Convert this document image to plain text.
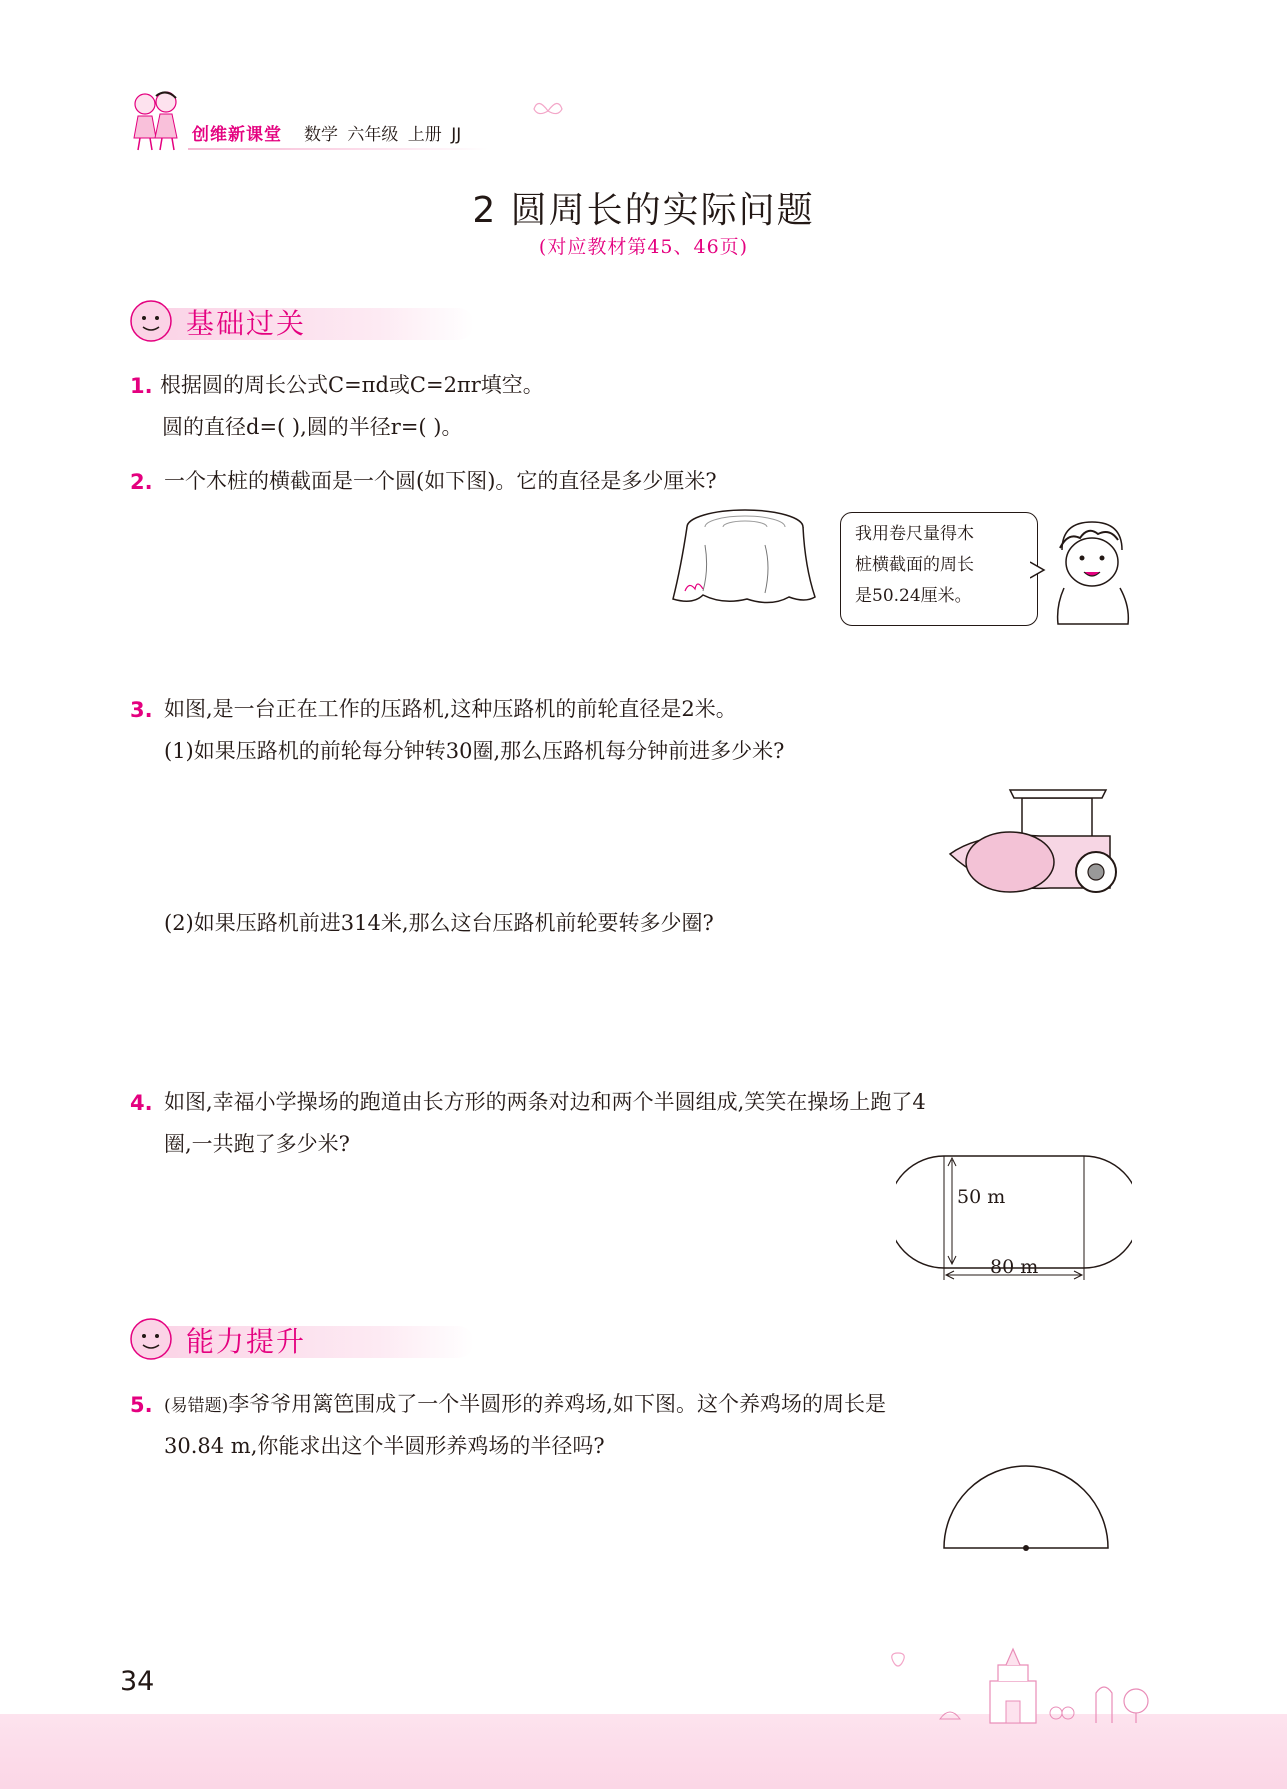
创维新课堂 数学 六年级 上册 JJ
2 圆周长的实际问题
(对应教材第45、46页)
基础过关
1. 根据圆的周长公式C=πd或C=2πr填空。
圆的直径d=( ),圆的半径r=( )。
2. 一个木桩的横截面是一个圆(如下图)。它的直径是多少厘米?
我用卷尺量得木
桩横截面的周长
是50.24厘米。
3. 如图,是一台正在工作的压路机,这种压路机的前轮直径是2米。
(1)如果压路机的前轮每分钟转30圈,那么压路机每分钟前进多少米?
(2)如果压路机前进314米,那么这台压路机前轮要转多少圈?
4. 如图,幸福小学操场的跑道由长方形的两条对边和两个半圆组成,笑笑在操场上跑了4
圈,一共跑了多少米?
50 m
80 m
能力提升
5. (易错题)李爷爷用篱笆围成了一个半圆形的养鸡场,如下图。这个养鸡场的周长是
30.84 m,你能求出这个半圆形养鸡场的半径吗?
34
